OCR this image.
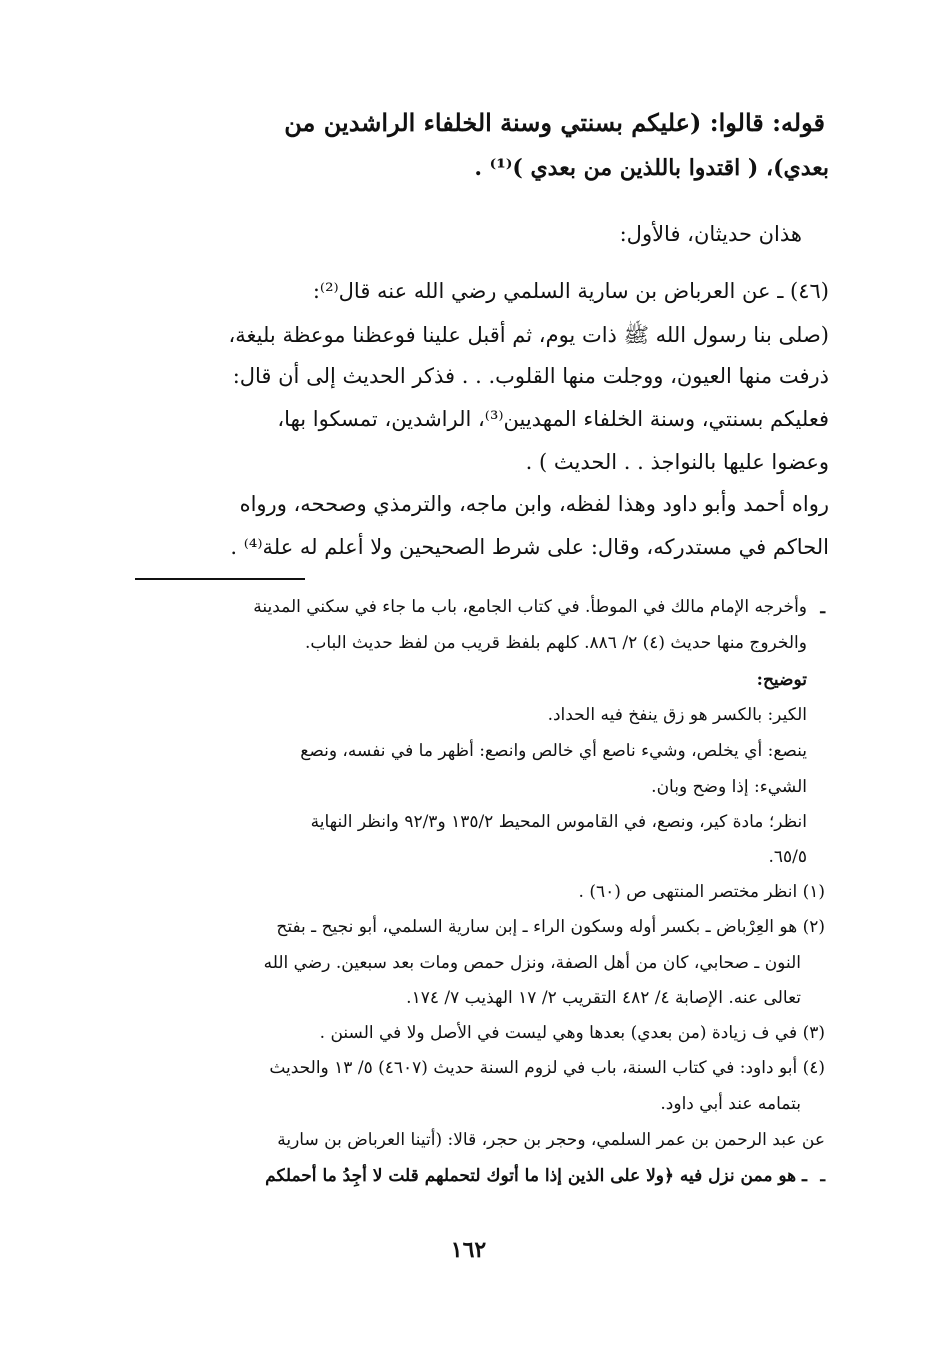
قوله: قالوا: (عليكم بسنتي وسنة الخلفاء الراشدين من
بعدي)، ( اقتدوا باللذين من بعدي )⁽¹⁾ .
هذان حديثان، فالأول:
(٤٦) ـ عن العرباض بن سارية السلمي رضي الله عنه قال⁽²⁾:
(صلى بنا رسول الله ﷺ ذات يوم، ثم أقبل علينا فوعظنا موعظة بليغة،
ذرفت منها العيون، ووجلت منها القلوب. . . فذكر الحديث إلى أن قال:
فعليكم بسنتي، وسنة الخلفاء المهديين⁽³⁾، الراشدين، تمسكوا بها،
وعضوا عليها بالنواجذ . . الحديث ) .
رواه أحمد وأبو داود وهذا لفظه، وابن ماجه، والترمذي وصححه، ورواه
الحاكم في مستدركه، وقال: على شرط الصحيحين ولا أعلم له علة⁽⁴⁾ .
ـ
وأخرجه الإمام مالك في الموطأ. في كتاب الجامع، باب ما جاء في سكني المدينة
والخروج منها حديث (٤) ٢/ ٨٨٦. كلهم بلفظ قريب من لفظ حديث الباب.
توضيح:
الكير: بالكسر هو زق ينفخ فيه الحداد.
ينصع: أي يخلص، وشيء ناصع أي خالص وانصع: أظهر ما في نفسه، ونصع
الشيء: إذا وضح وبان.
انظر؛ مادة كير، ونصع، في القاموس المحيط ١٣٥/٢ و٩٢/٣ وانظر النهاية
٦٥/٥.
(١) انظر مختصر المنتهى ص (٦٠) .
(٢) هو العِرْباض ـ بكسر أوله وسكون الراء ـ إبن سارية السلمي، أبو نجيح ـ بفتح
النون ـ صحابي، كان من أهل الصفة، ونزل حمص ومات بعد سبعين. رضي الله
تعالى عنه. الإصابة ٤/ ٤٨٢ التقريب ٢/ ١٧ الهذيب ٧/ ١٧٤.
(٣) في ف زيادة (من بعدي) بعدها وهي ليست في الأصل ولا في السنن .
(٤) أبو داود: في كتاب السنة، باب في لزوم السنة حديث (٤٦٠٧) ٥/ ١٣ والحديث
بتمامه عند أبي داود.
عن عبد الرحمن بن عمر السلمي، وحجر بن حجر، قالا: (أتينا العرباض بن سارية
ـ هو ممن نزل فيه ﴿ولا على الذين إذا ما أتوك لتحملهم قلت لا أجِدُ ما أحملكم ـ
١٦٢
